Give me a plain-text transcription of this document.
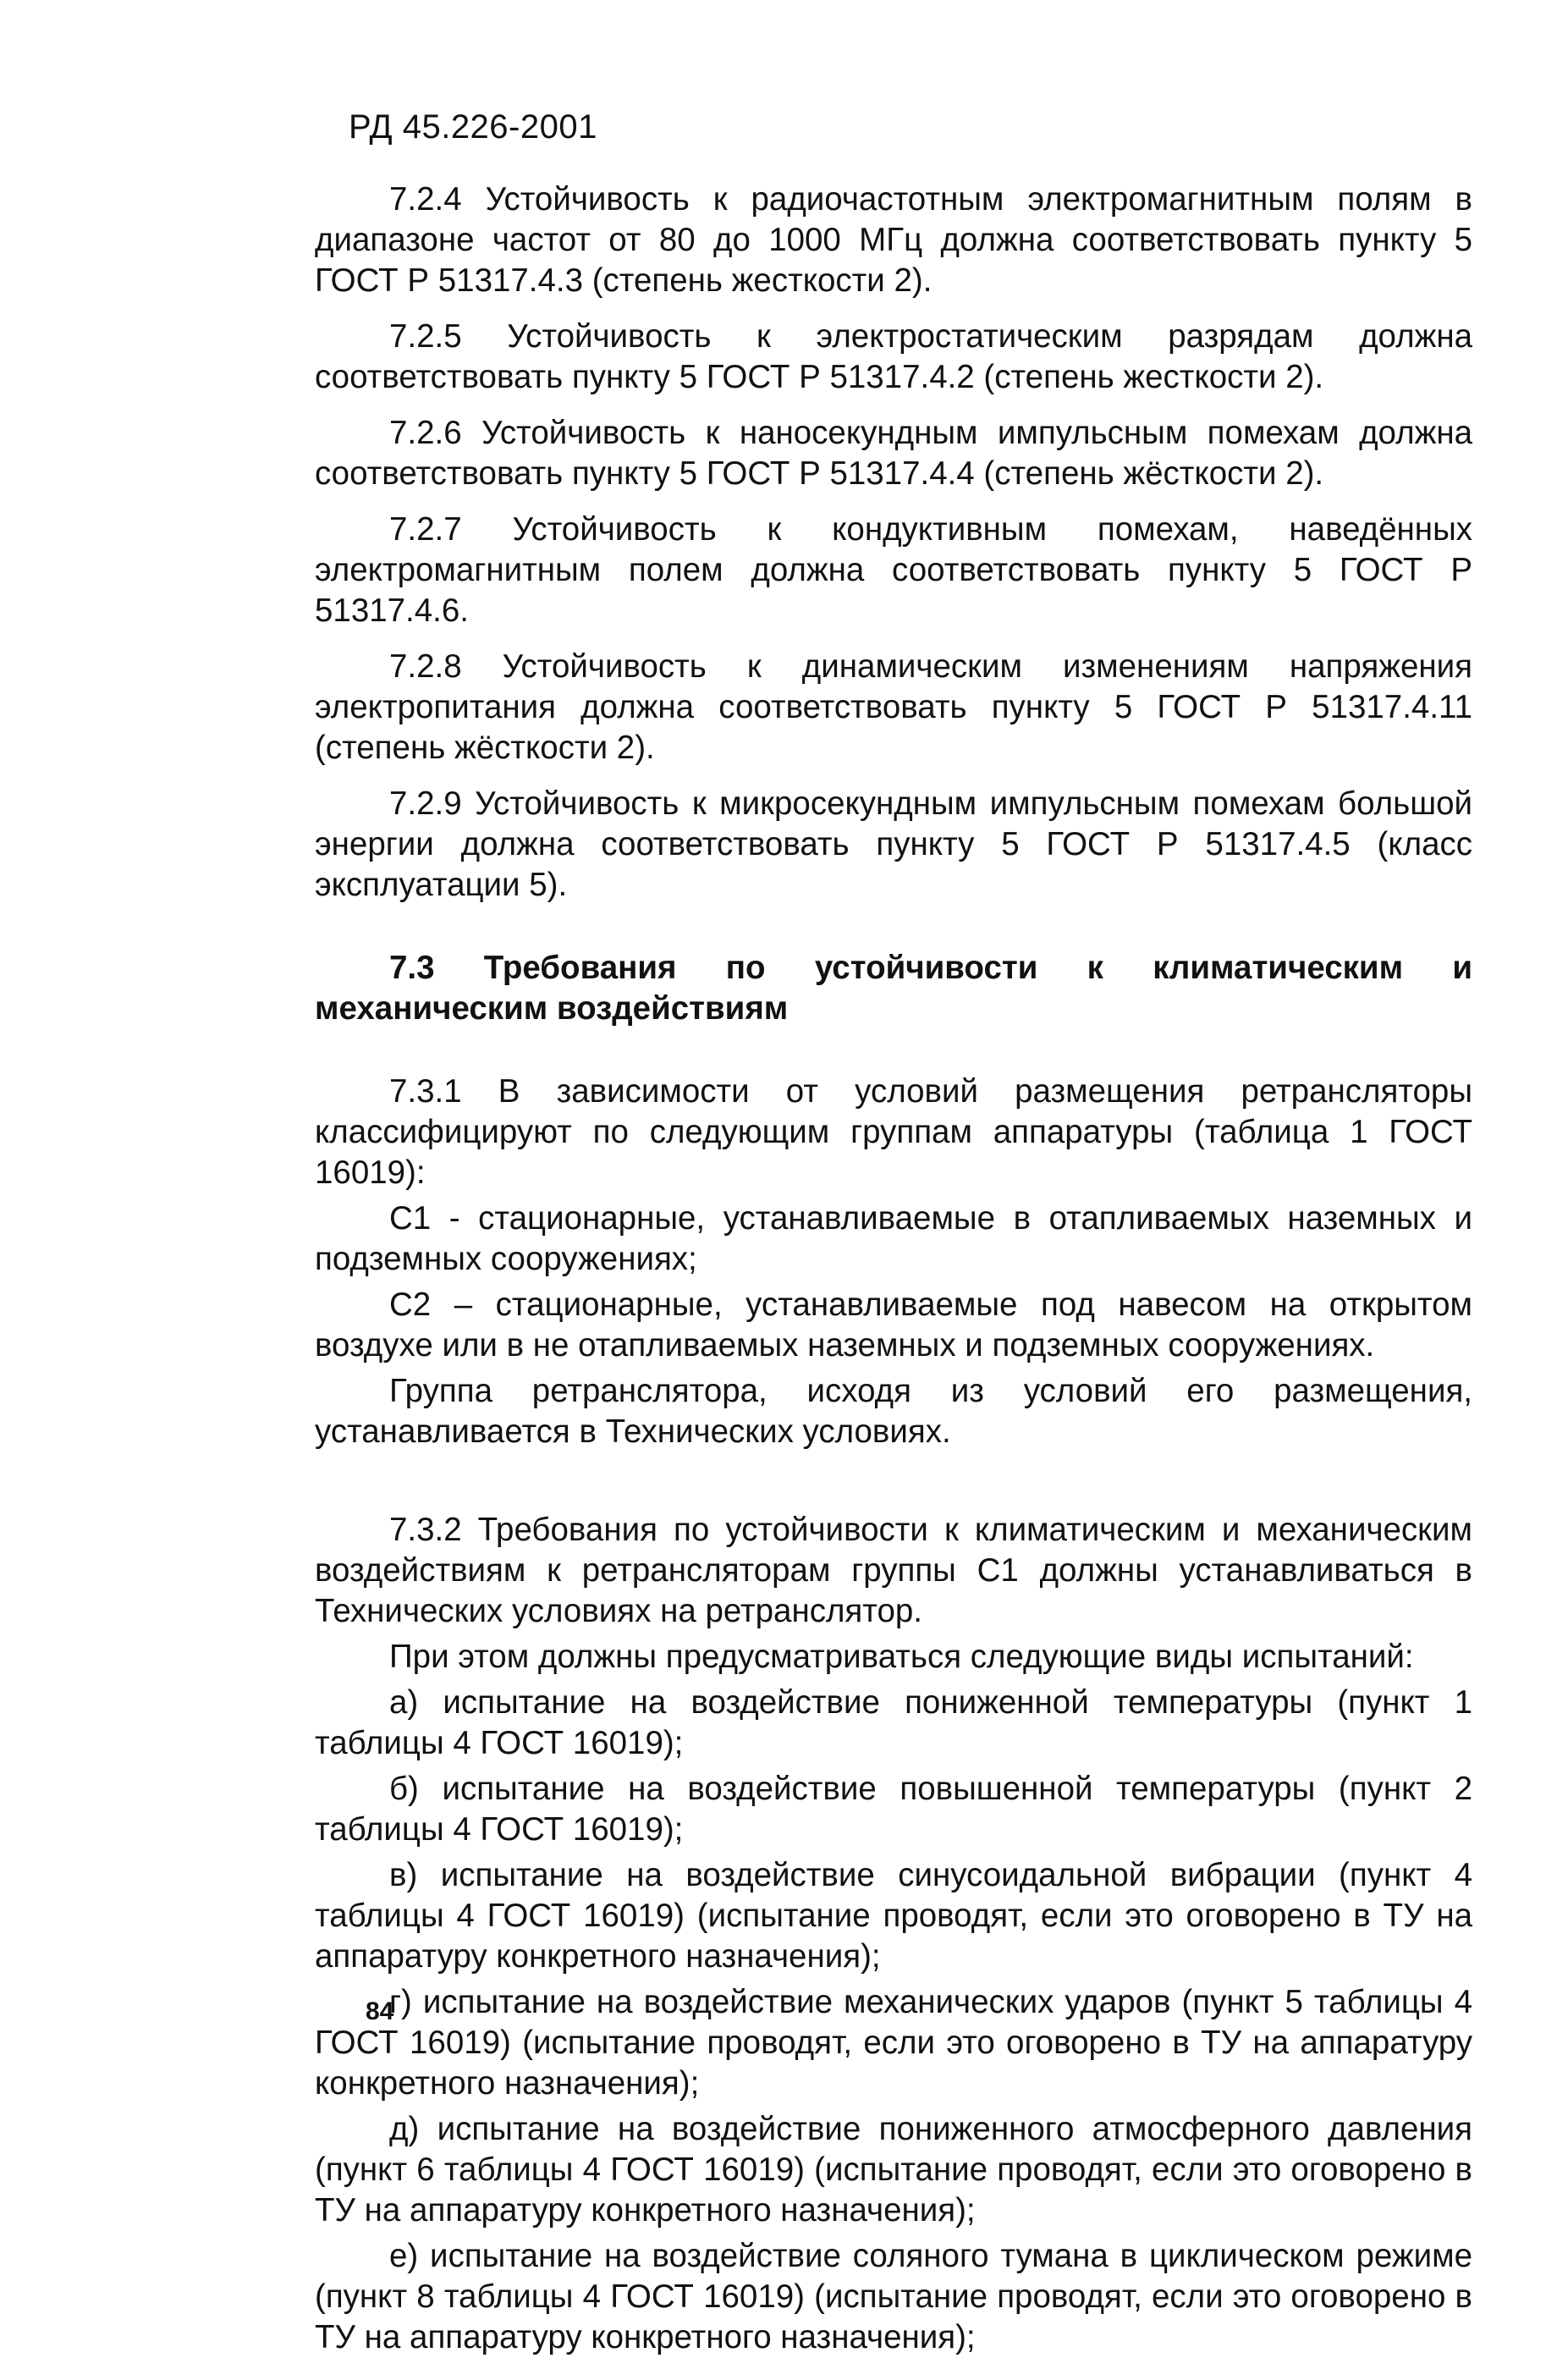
РД 45.226-2001

7.2.4 Устойчивость к радиочастотным электромагнитным полям в диапазоне частот от 80 до 1000 МГц должна соответствовать пункту 5 ГОСТ Р 51317.4.3 (степень жесткости 2).

7.2.5 Устойчивость к электростатическим разрядам должна соответствовать пункту 5 ГОСТ Р 51317.4.2 (степень жесткости 2).

7.2.6 Устойчивость к наносекундным импульсным помехам должна соответствовать пункту 5 ГОСТ Р 51317.4.4 (степень жёсткости 2).

7.2.7 Устойчивость к кондуктивным помехам, наведённых электромагнитным полем должна соответствовать пункту 5 ГОСТ Р 51317.4.6.

7.2.8 Устойчивость к динамическим изменениям напряжения электропитания должна соответствовать пункту 5 ГОСТ Р 51317.4.11 (степень жёсткости 2).

7.2.9 Устойчивость к микросекундным импульсным помехам большой энергии должна соответствовать пункту 5 ГОСТ Р 51317.4.5 (класс эксплуатации 5).

7.3 Требования по устойчивости к климатическим и механическим воздействиям

7.3.1 В зависимости от условий размещения ретрансляторы классифицируют по следующим группам аппаратуры (таблица 1 ГОСТ 16019):

С1 - стационарные, устанавливаемые в отапливаемых наземных и подземных сооружениях;

С2 – стационарные, устанавливаемые под навесом на открытом воздухе или в не отапливаемых наземных и подземных сооружениях.

Группа ретранслятора, исходя из условий его размещения, устанавливается в Технических условиях.

7.3.2 Требования по устойчивости к климатическим и механическим воздействиям к ретрансляторам группы С1 должны устанавливаться в Технических условиях на ретранслятор.

При этом должны предусматриваться следующие виды испытаний:

а) испытание на воздействие пониженной температуры (пункт 1 таблицы 4 ГОСТ 16019);

б) испытание на воздействие повышенной температуры (пункт 2 таблицы 4 ГОСТ 16019);

в) испытание на воздействие синусоидальной вибрации (пункт 4 таблицы 4 ГОСТ 16019) (испытание проводят, если это оговорено в ТУ на аппаратуру конкретного назначения);

г) испытание на воздействие механических ударов (пункт 5 таблицы 4 ГОСТ 16019) (испытание проводят, если это оговорено в ТУ на аппаратуру конкретного назначения);

д) испытание на воздействие пониженного атмосферного давления (пункт 6 таблицы 4 ГОСТ 16019) (испытание проводят, если это оговорено в ТУ на аппаратуру конкретного назначения);

е) испытание на воздействие соляного тумана в циклическом режиме (пункт 8 таблицы 4 ГОСТ 16019) (испытание проводят, если это оговорено в ТУ на аппаратуру конкретного назначения);

84
